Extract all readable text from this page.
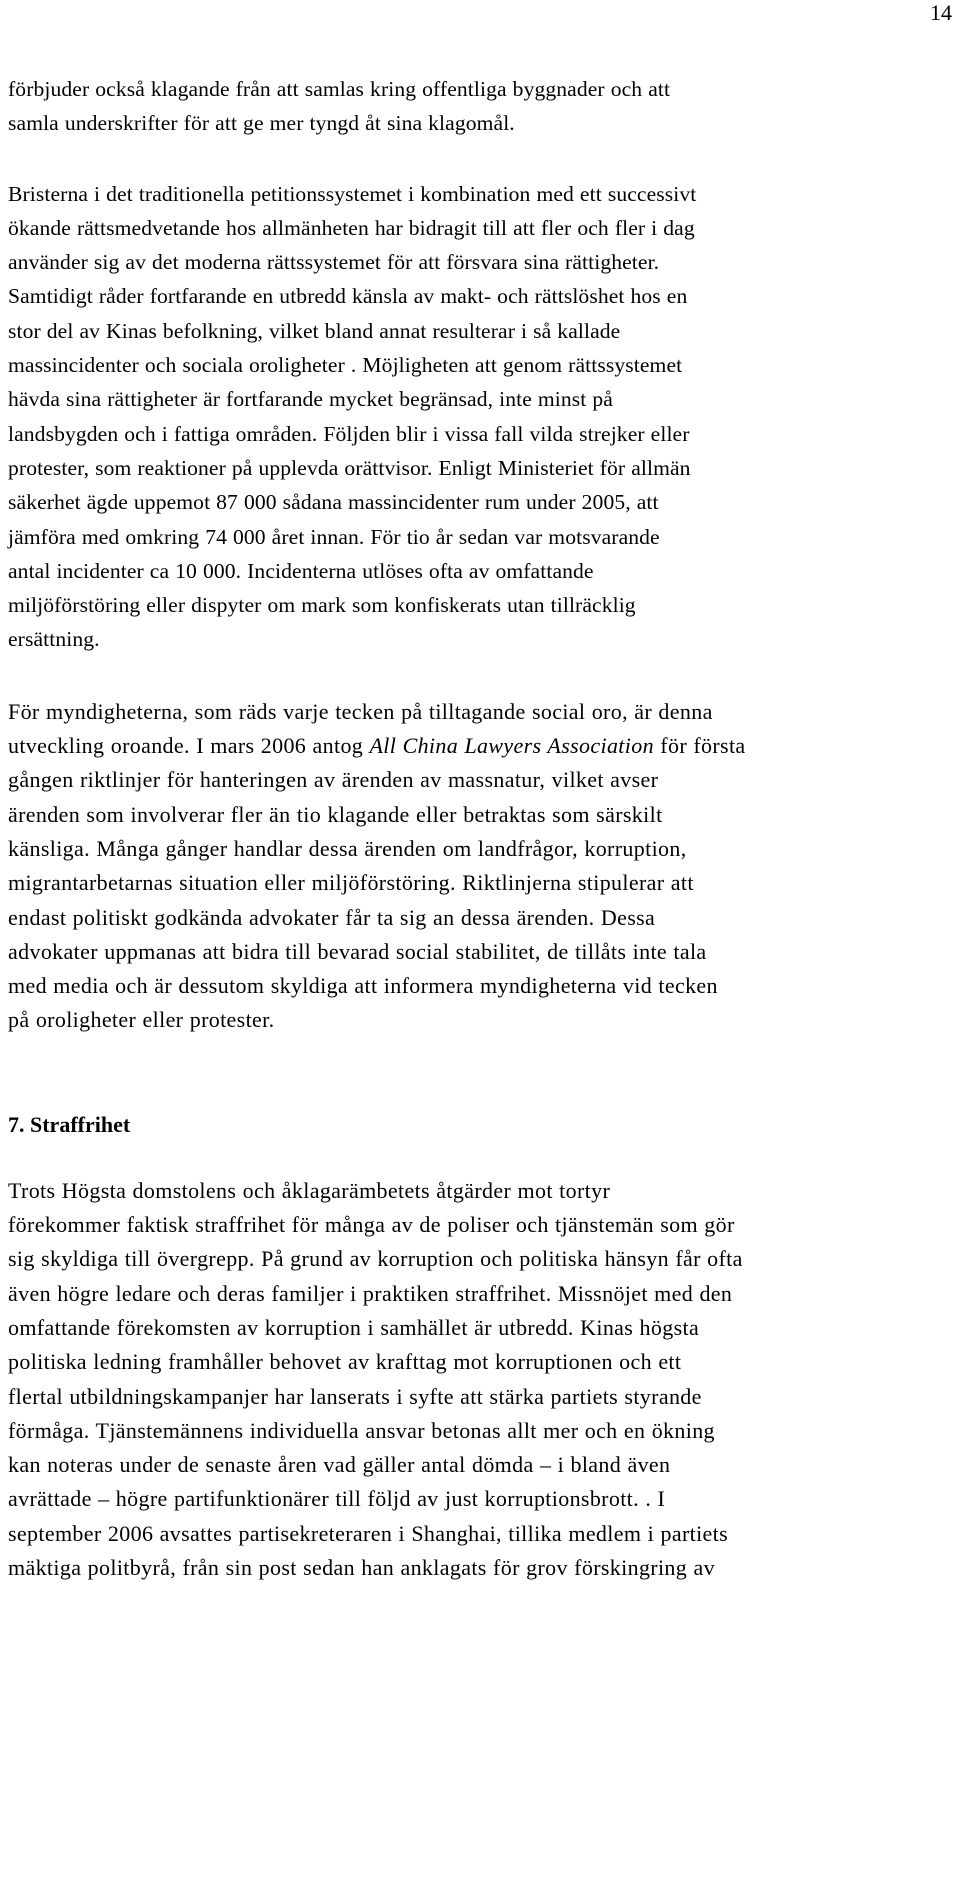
14

förbjuder också klagande från att samlas kring offentliga byggnader och att
samla underskrifter för att ge mer tyngd åt sina klagomål.

Bristerna i det traditionella petitionssystemet i kombination med ett successivt
ökande rättsmedvetande hos allmänheten har bidragit till att fler och fler i dag
använder sig av det moderna rättssystemet för att försvara sina rättigheter.
Samtidigt råder fortfarande en utbredd känsla av makt- och rättslöshet hos en
stor del av Kinas befolkning, vilket bland annat resulterar i så kallade
massincidenter och sociala oroligheter . Möjligheten att genom rättssystemet
hävda sina rättigheter är fortfarande mycket begränsad, inte minst på
landsbygden och i fattiga områden. Följden blir i vissa fall vilda strejker eller
protester, som reaktioner på upplevda orättvisor. Enligt Ministeriet för allmän
säkerhet ägde uppemot 87 000 sådana massincidenter rum under 2005, att
jämföra med omkring 74 000 året innan. För tio år sedan var motsvarande
antal incidenter ca 10 000. Incidenterna utlöses ofta av omfattande
miljöförstöring eller dispyter om mark som konfiskerats utan tillräcklig
ersättning.

För myndigheterna, som räds varje tecken på tilltagande social oro, är denna
utveckling oroande. I mars 2006 antog All China Lawyers Association för första
gången riktlinjer för hanteringen av ärenden av massnatur, vilket avser
ärenden som involverar fler än tio klagande eller betraktas som särskilt
känsliga. Många gånger handlar dessa ärenden om landfrågor, korruption,
migrantarbetarnas situation eller miljöförstöring. Riktlinjerna stipulerar att
endast politiskt godkända advokater får ta sig an dessa ärenden. Dessa
advokater uppmanas att bidra till bevarad social stabilitet, de tillåts inte tala
med media och är dessutom skyldiga att informera myndigheterna vid tecken
på oroligheter eller protester.

7. Straffrihet

Trots Högsta domstolens och åklagarämbetets åtgärder mot tortyr
förekommer faktisk straffrihet för många av de poliser och tjänstemän som gör
sig skyldiga till övergrepp. På grund av korruption och politiska hänsyn får ofta
även högre ledare och deras familjer i praktiken straffrihet. Missnöjet med den
omfattande förekomsten av korruption i samhället är utbredd. Kinas högsta
politiska ledning framhåller behovet av krafttag mot korruptionen och ett
flertal utbildningskampanjer har lanserats i syfte att stärka partiets styrande
förmåga. Tjänstemännens individuella ansvar betonas allt mer och en ökning
kan noteras under de senaste åren vad gäller antal dömda – i bland även
avrättade – högre partifunktionärer till följd av just korruptionsbrott. . I
september 2006 avsattes partisekreteraren i Shanghai, tillika medlem i partiets
mäktiga politbyrå, från sin post sedan han anklagats för grov förskingring av
